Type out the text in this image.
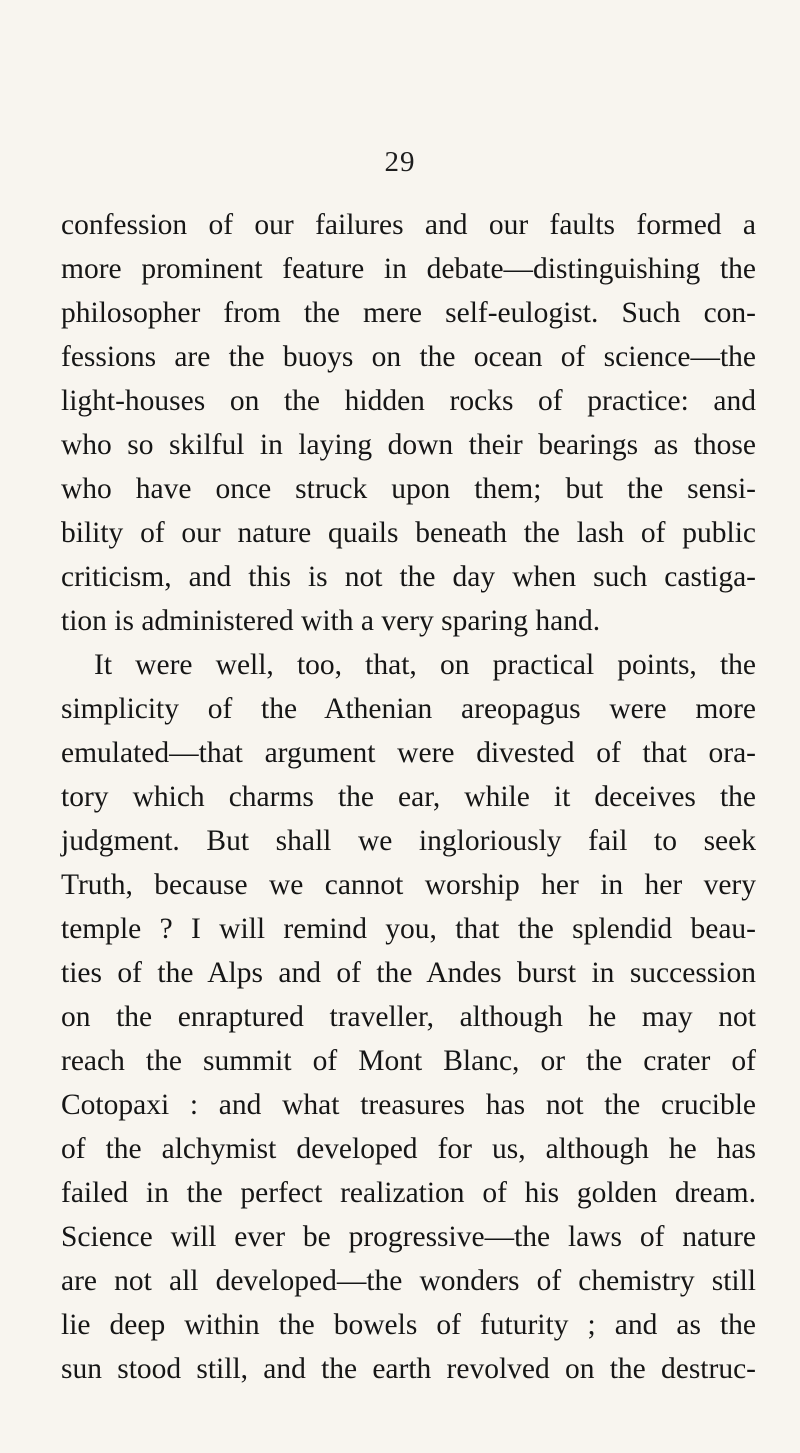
29
confession of our failures and our faults formed a
more prominent feature in debate—distinguishing the
philosopher from the mere self-eulogist. Such con-
fessions are the buoys on the ocean of science—the
light-houses on the hidden rocks of practice: and
who so skilful in laying down their bearings as those
who have once struck upon them; but the sensi-
bility of our nature quails beneath the lash of public
criticism, and this is not the day when such castiga-
tion is administered with a very sparing hand.
It were well, too, that, on practical points, the
simplicity of the Athenian areopagus were more
emulated—that argument were divested of that ora-
tory which charms the ear, while it deceives the
judgment. But shall we ingloriously fail to seek
Truth, because we cannot worship her in her very
temple ? I will remind you, that the splendid beau-
ties of the Alps and of the Andes burst in succession
on the enraptured traveller, although he may not
reach the summit of Mont Blanc, or the crater of
Cotopaxi : and what treasures has not the crucible
of the alchymist developed for us, although he has
failed in the perfect realization of his golden dream.
Science will ever be progressive—the laws of nature
are not all developed—the wonders of chemistry still
lie deep within the bowels of futurity ; and as the
sun stood still, and the earth revolved on the destruc-
